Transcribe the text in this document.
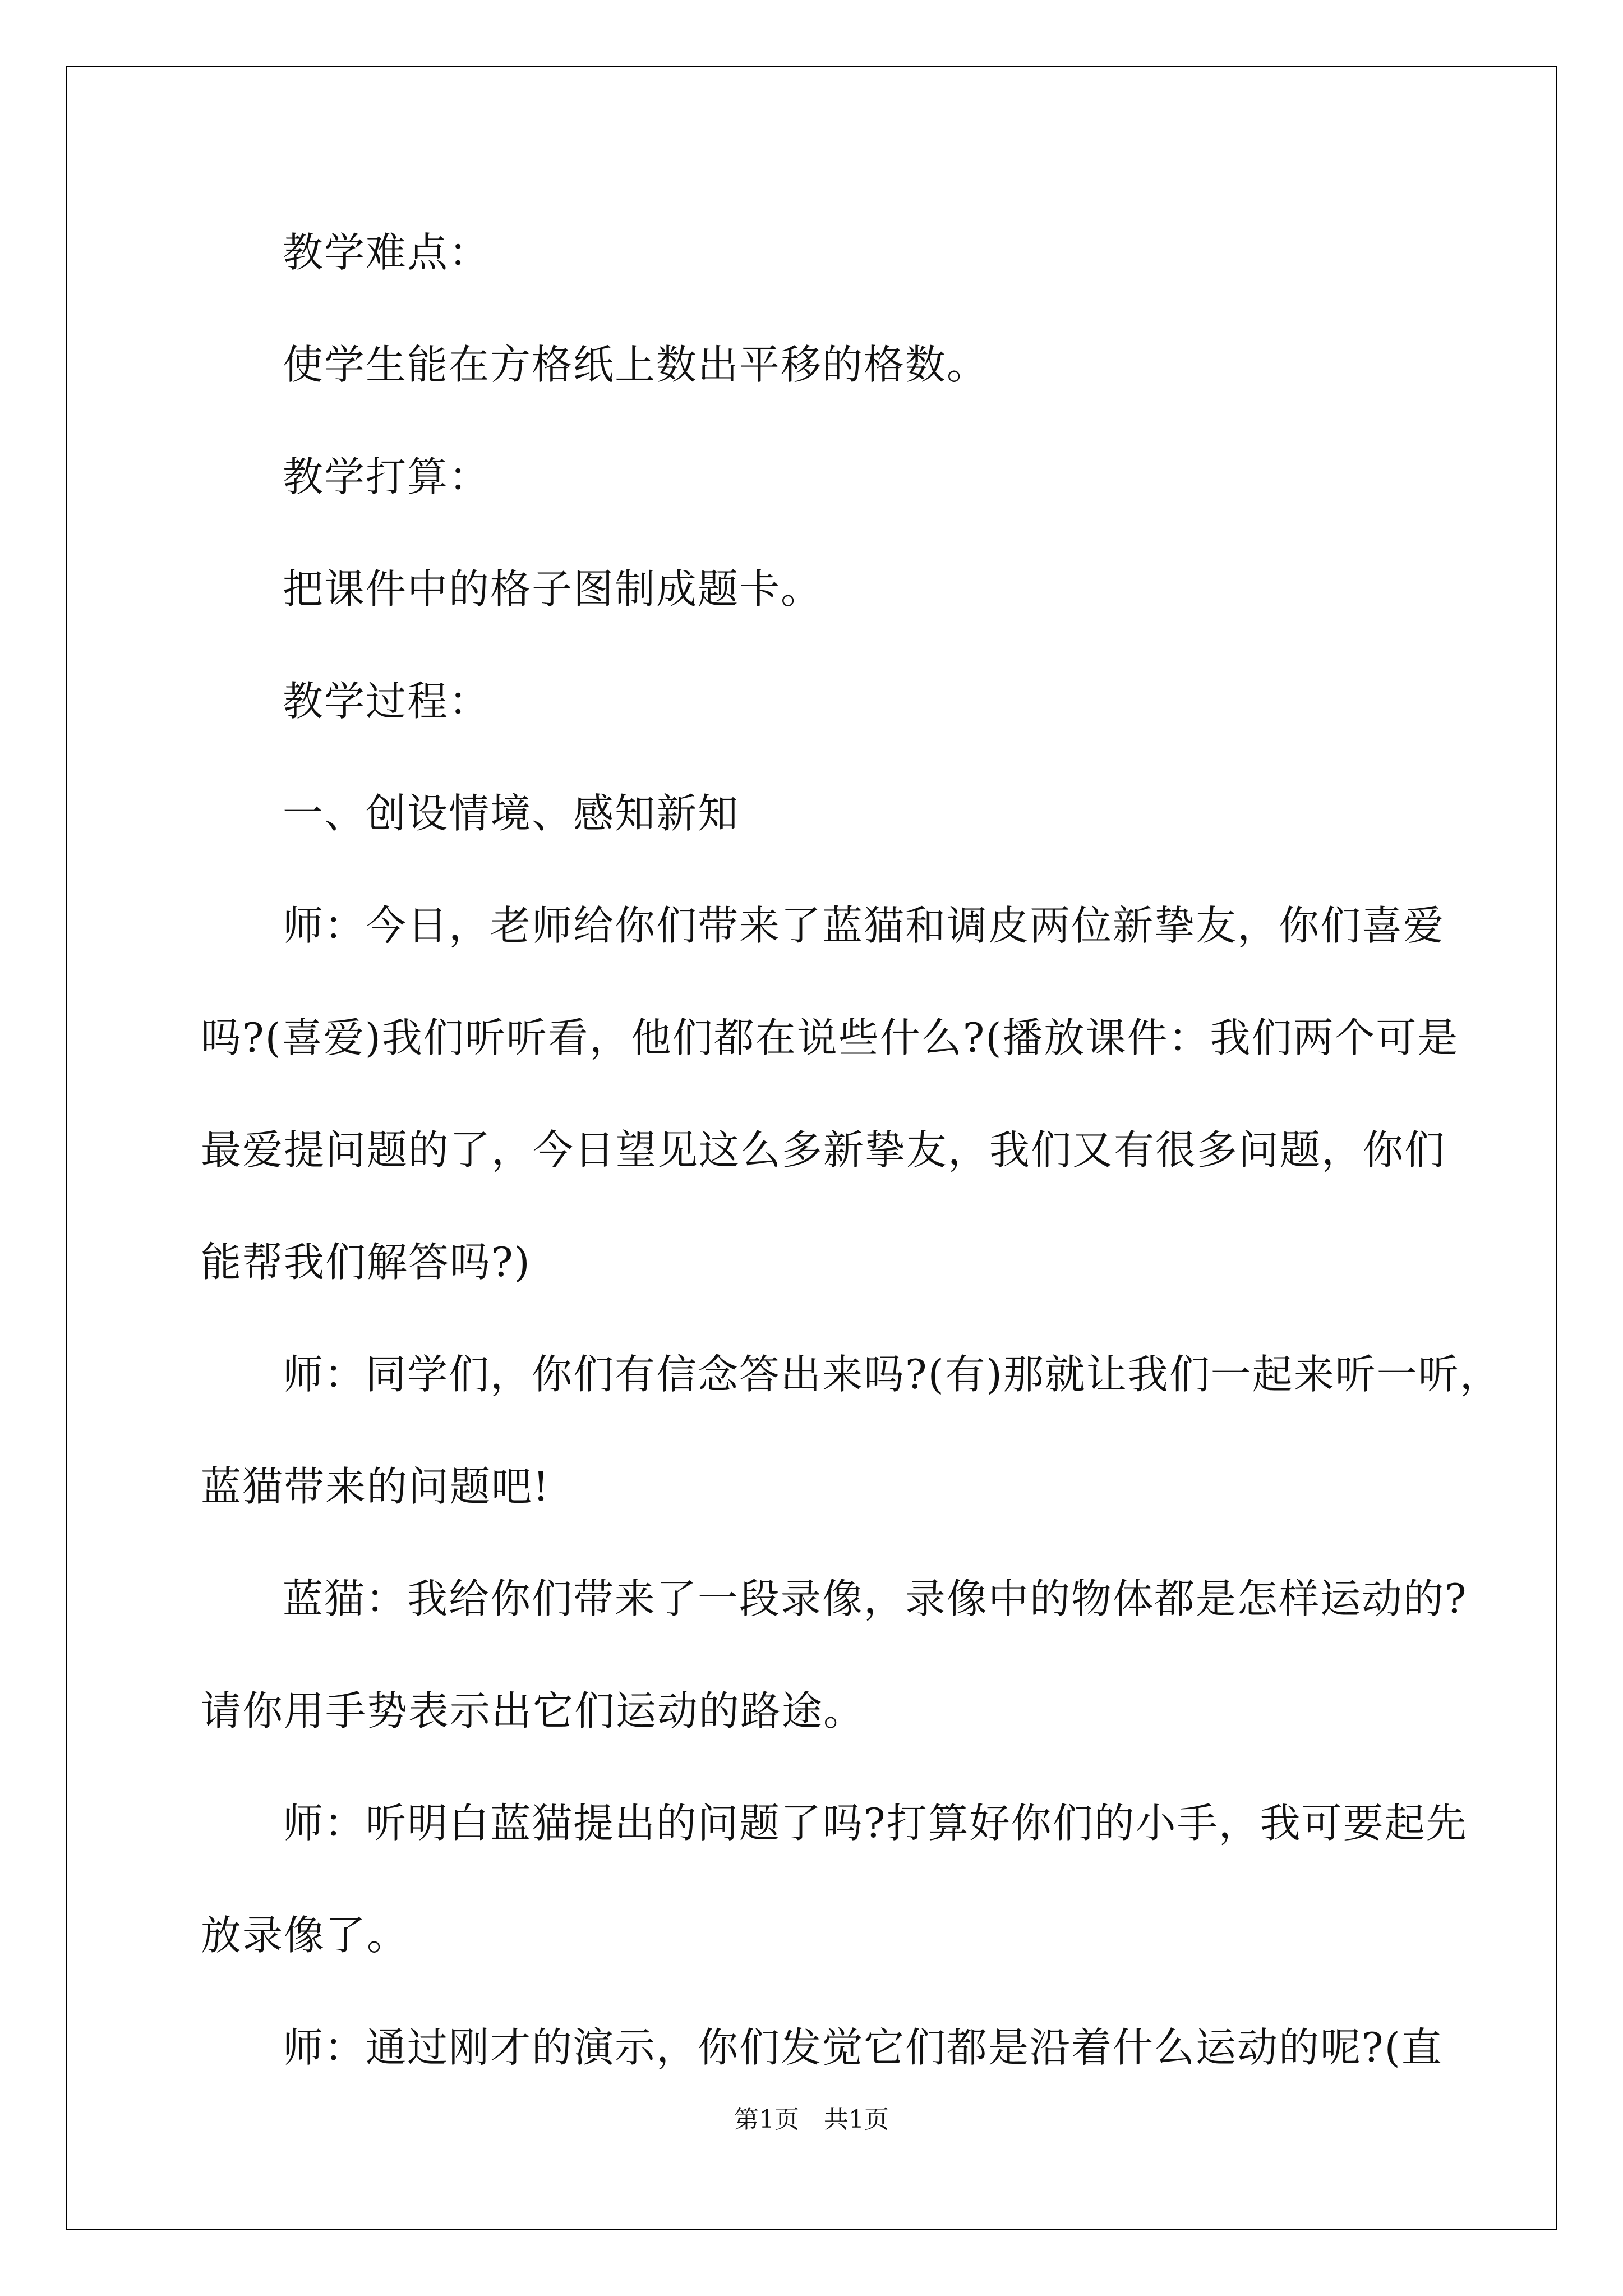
教学难点：
使学生能在方格纸上数出平移的格数。
教学打算：
把课件中的格子图制成题卡。
教学过程：
一、创设情境、感知新知
师：今日，老师给你们带来了蓝猫和调皮两位新挚友，你们喜爱
吗?(喜爱)我们听听看，他们都在说些什么?(播放课件：我们两个可是
最爱提问题的了，今日望见这么多新挚友，我们又有很多问题，你们
能帮我们解答吗?)
师：同学们，你们有信念答出来吗?(有)那就让我们一起来听一听，
蓝猫带来的问题吧!
蓝猫：我给你们带来了一段录像，录像中的物体都是怎样运动的?
请你用手势表示出它们运动的路途。
师：听明白蓝猫提出的问题了吗?打算好你们的小手，我可要起先
放录像了。
师：通过刚才的演示，你们发觉它们都是沿着什么运动的呢?(直
第1页　共1页
